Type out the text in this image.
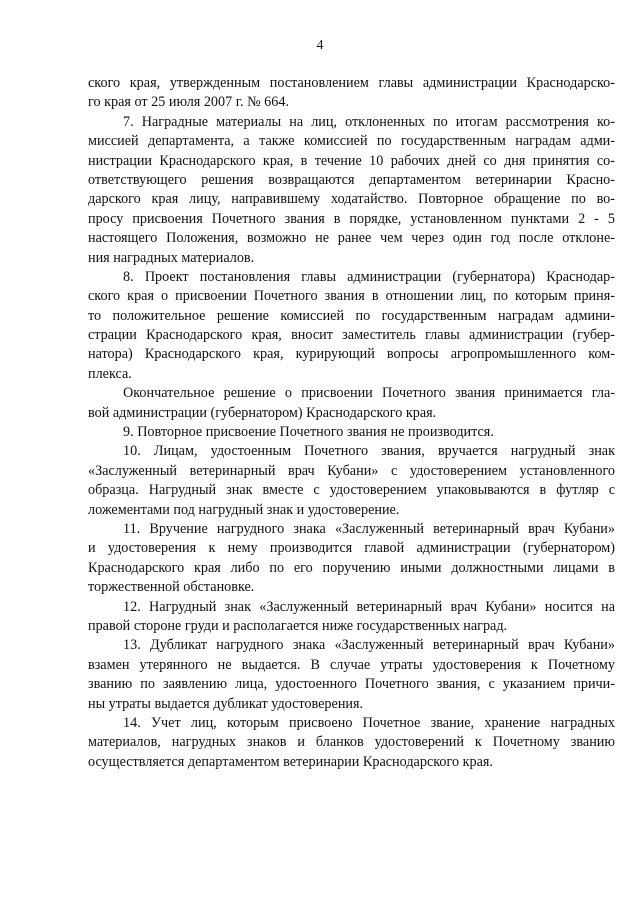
4
ского края, утвержденным постановлением главы администрации Краснодарско-
го края от 25 июля 2007 г. № 664.
7. Наградные материалы на лиц, отклоненных по итогам рассмотрения ко-
миссией департамента, а также комиссией по государственным наградам адми-
нистрации Краснодарского края, в течение 10 рабочих дней со дня принятия со-
ответствующего решения возвращаются департаментом ветеринарии Красно-
дарского края лицу, направившему ходатайство. Повторное обращение по во-
просу присвоения Почетного звания в порядке, установленном пунктами 2 - 5
настоящего Положения, возможно не ранее чем через один год после отклоне-
ния наградных материалов.
8. Проект постановления главы администрации (губернатора) Краснодар-
ского края о присвоении Почетного звания в отношении лиц, по которым приня-
то положительное решение комиссией по государственным наградам админи-
страции Краснодарского края, вносит заместитель главы администрации (губер-
натора) Краснодарского края, курирующий вопросы агропромышленного ком-
плекса.
Окончательное решение о присвоении Почетного звания принимается гла-
вой администрации (губернатором) Краснодарского края.
9. Повторное присвоение Почетного звания не производится.
10. Лицам, удостоенным Почетного звания, вручается нагрудный знак
«Заслуженный ветеринарный врач Кубани» с удостоверением установленного
образца. Нагрудный знак вместе с удостоверением упаковываются в футляр с
ложементами под нагрудный знак и удостоверение.
11. Вручение нагрудного знака «Заслуженный ветеринарный врач Кубани»
и удостоверения к нему производится главой администрации (губернатором)
Краснодарского края либо по его поручению иными должностными лицами в
торжественной обстановке.
12. Нагрудный знак «Заслуженный ветеринарный врач Кубани» носится на
правой стороне груди и располагается ниже государственных наград.
13. Дубликат нагрудного знака «Заслуженный ветеринарный врач Кубани»
взамен утерянного не выдается. В случае утраты удостоверения к Почетному
званию по заявлению лица, удостоенного Почетного звания, с указанием причи-
ны утраты выдается дубликат удостоверения.
14. Учет лиц, которым присвоено Почетное звание, хранение наградных
материалов, нагрудных знаков и бланков удостоверений к Почетному званию
осуществляется департаментом ветеринарии Краснодарского края.
